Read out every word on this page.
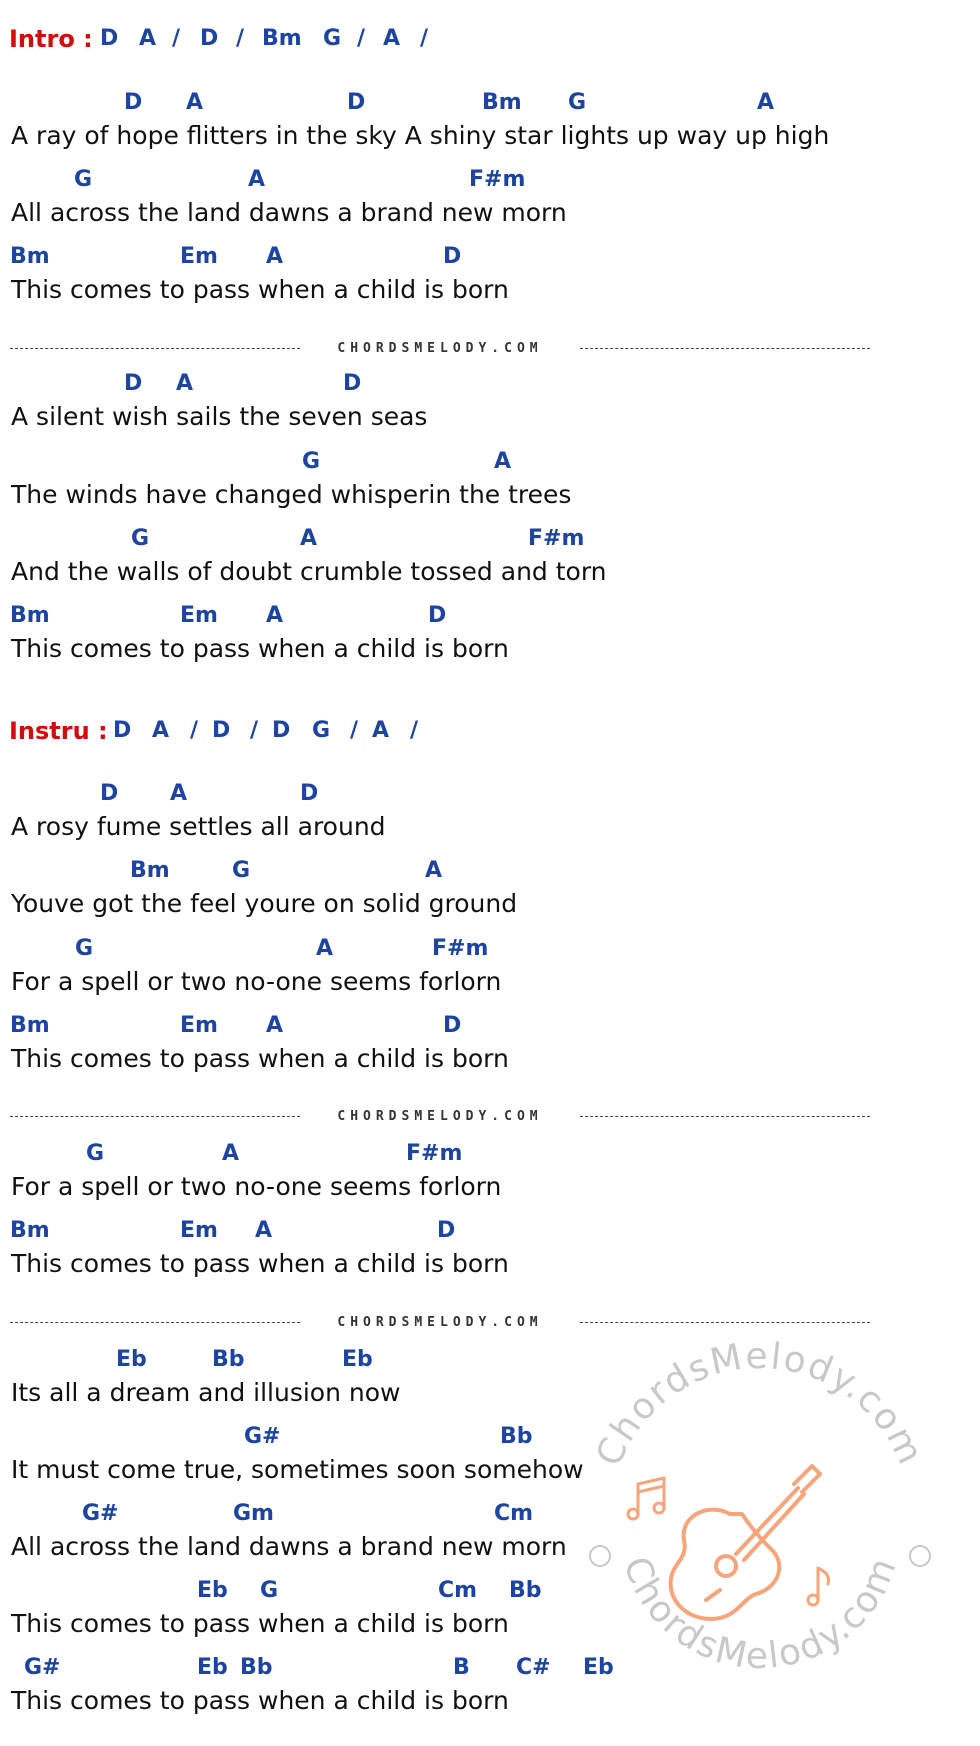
Intro : D A / D / Bm G / A /
D A	D	Bm G	A
A ray of hope flitters in the sky A shiny star lights up way up high
G	A	F#m
All across the land dawns a brand new morn
Bm	Em A	D
This comes to pass when a child is born
CHORDSMELODY.COM
D A	D
A silent wish sails the seven seas
G	A
The winds have changed whisperin the trees
G	A	F#m
And the walls of doubt crumble tossed and torn
Bm	Em A	D
This comes to pass when a child is born
Instru : D A / D / D G / A /
D A	D
A rosy fume settles all around
Bm	G	A
Youve got the feel youre on solid ground
G	A	F#m
For a spell or two no-one seems forlorn
Bm	Em A	D
This comes to pass when a child is born
CHORDSMELODY.COM
G	A	F#m
For a spell or two no-one seems forlorn
Bm	Em A	D
This comes to pass when a child is born
CHORDSMELODY.COM
Eb	Bb	Eb
Its all a dream and illusion now
G#	Bb
It must come true, sometimes soon somehow
G#	Gm	Cm
All across the land dawns a brand new morn
Eb G	Cm Bb
This comes to pass when a child is born
G#	Eb Bb	B C# Eb
This comes to pass when a child is born
ChordsMelody.com
ChordsMelody.com
